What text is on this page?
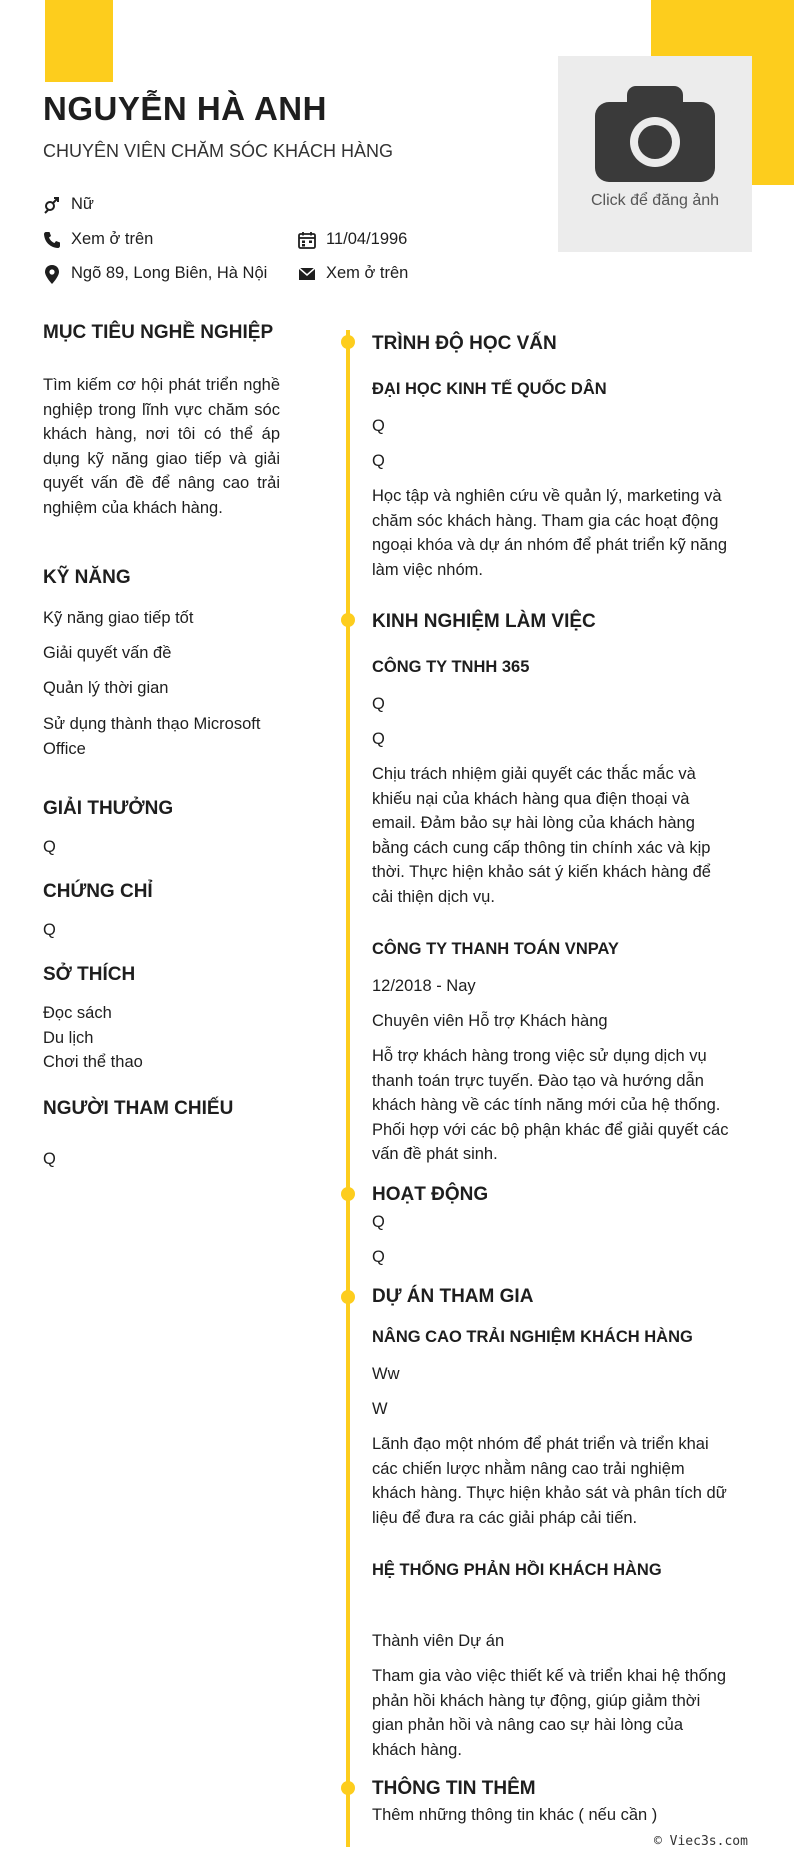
Click để đăng ảnh
NGUYỄN HÀ ANH
CHUYÊN VIÊN CHĂM SÓC KHÁCH HÀNG
Nữ
Xem ở trên	11/04/1996
Ngõ 89, Long Biên, Hà Nội	Xem ở trên
MỤC TIÊU NGHỀ NGHIỆP
Tìm kiếm cơ hội phát triển nghề nghiệp trong lĩnh vực chăm sóc khách hàng, nơi tôi có thể áp dụng kỹ năng giao tiếp và giải quyết vấn đề để nâng cao trải nghiệm của khách hàng.
KỸ NĂNG
Kỹ năng giao tiếp tốt
Giải quyết vấn đề
Quản lý thời gian
Sử dụng thành thạo Microsoft Office
GIẢI THƯỞNG
Q
CHỨNG CHỈ
Q
SỞ THÍCH
Đọc sách
Du lịch
Chơi thể thao
NGƯỜI THAM CHIẾU
Q
TRÌNH ĐỘ HỌC VẤN
ĐẠI HỌC KINH TẾ QUỐC DÂN
Q
Q
Học tập và nghiên cứu về quản lý, marketing và chăm sóc khách hàng. Tham gia các hoạt động ngoại khóa và dự án nhóm để phát triển kỹ năng làm việc nhóm.
KINH NGHIỆM LÀM VIỆC
CÔNG TY TNHH 365
Q
Q
Chịu trách nhiệm giải quyết các thắc mắc và khiếu nại của khách hàng qua điện thoại và email. Đảm bảo sự hài lòng của khách hàng bằng cách cung cấp thông tin chính xác và kịp thời. Thực hiện khảo sát ý kiến khách hàng để cải thiện dịch vụ.
CÔNG TY THANH TOÁN VNPAY
12/2018 - Nay
Chuyên viên Hỗ trợ Khách hàng
Hỗ trợ khách hàng trong việc sử dụng dịch vụ thanh toán trực tuyến. Đào tạo và hướng dẫn khách hàng về các tính năng mới của hệ thống. Phối hợp với các bộ phận khác để giải quyết các vấn đề phát sinh.
HOẠT ĐỘNG
Q
Q
DỰ ÁN THAM GIA
NÂNG CAO TRẢI NGHIỆM KHÁCH HÀNG
Ww
W
Lãnh đạo một nhóm để phát triển và triển khai các chiến lược nhằm nâng cao trải nghiệm khách hàng. Thực hiện khảo sát và phân tích dữ liệu để đưa ra các giải pháp cải tiến.
HỆ THỐNG PHẢN HỒI KHÁCH HÀNG
Thành viên Dự án
Tham gia vào việc thiết kế và triển khai hệ thống phản hồi khách hàng tự động, giúp giảm thời gian phản hồi và nâng cao sự hài lòng của khách hàng.
THÔNG TIN THÊM
Thêm những thông tin khác ( nếu cần )
© Viec3s.com
